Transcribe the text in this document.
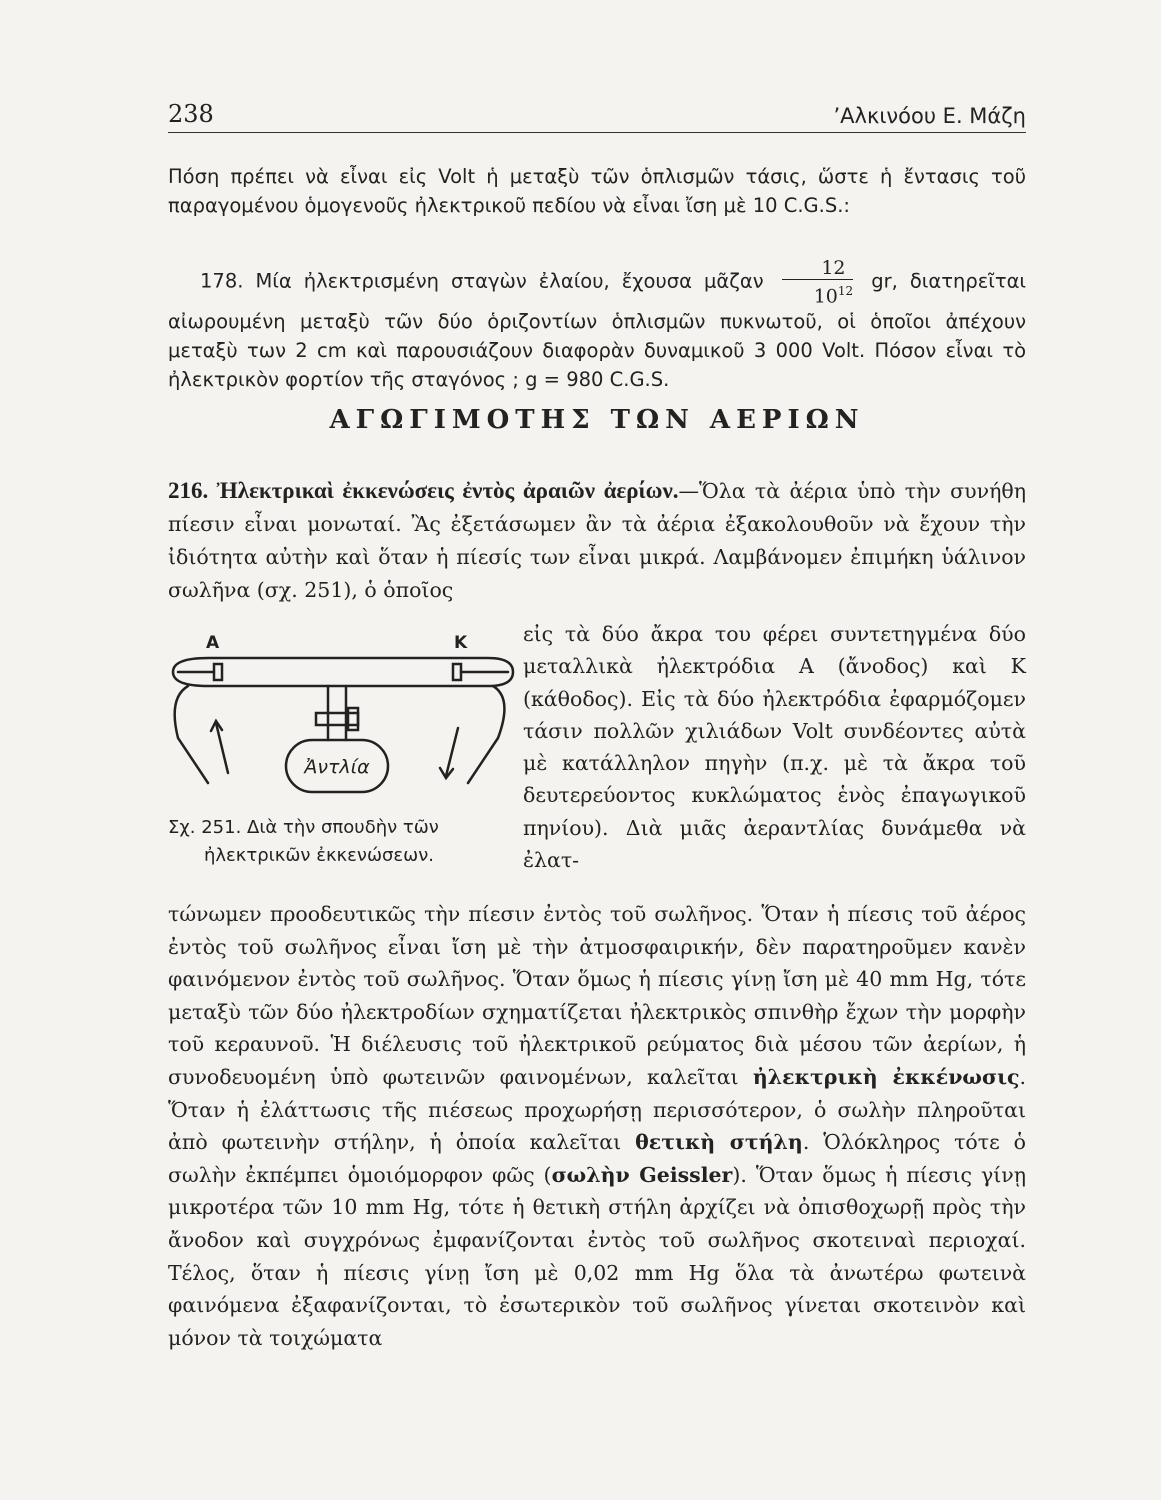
238	’Αλκινόου Ε. Μάζη

Πόση πρέπει νὰ εἶναι εἰς Volt ἡ μεταξὺ τῶν ὁπλισμῶν τάσις, ὥστε ἡ ἔντασις τοῦ παραγομένου ὁμογενοῦς ἠλεκτρικοῦ πεδίου νὰ εἶναι ἴση μὲ 10 C.G.S.:

178. Μία ἠλεκτρισμένη σταγὼν ἐλαίου, ἔχουσα μᾶζαν $\frac{12}{10^{12}}$ gr, διατηρεῖται αἰωρουμένη μεταξὺ τῶν δύο ὁριζοντίων ὁπλισμῶν πυκνωτοῦ, οἱ ὁποῖοι ἀπέχουν μεταξὺ των 2 cm καὶ παρουσιάζουν διαφορὰν δυναμικοῦ 3 000 Volt. Πόσον εἶναι τὸ ἠλεκτρικὸν φορτίον τῆς σταγόνος ; g = 980 C.G.S.

ΑΓΩΓΙΜΟΤΗΣ ΤΩΝ ΑΕΡΙΩΝ

216. Ἠλεκτρικαὶ ἐκκενώσεις ἐντὸς ἀραιῶν ἀερίων.—Ὅλα τὰ ἀέρια ὑπὸ τὴν συνήθη πίεσιν εἶναι μονωταί. Ἂς ἐξετάσωμεν ἂν τὰ ἀέρια ἐξακολουθοῦν νὰ ἔχουν τὴν ἰδιότητα αὐτὴν καὶ ὅταν ἡ πίεσίς των εἶναι μικρά. Λαμβάνομεν ἐπιμήκη ὑάλινον σωλῆνα (σχ. 251), ὁ ὁποῖος

A	K
Ἀντλία

Σχ. 251. Διὰ τὴν σπουδὴν τῶν
ἠλεκτρικῶν ἐκκενώσεων.

εἰς τὰ δύο ἄκρα του φέρει συντετηγμένα δύο μεταλλικὰ ἠλεκτρόδια Α (ἄνοδος) καὶ Κ (κάθοδος). Εἰς τὰ δύο ἠλεκτρόδια ἐφαρμόζομεν τάσιν πολλῶν χιλιάδων Volt συνδέοντες αὐτὰ μὲ κατάλληλον πηγὴν (π.χ. μὲ τὰ ἄκρα τοῦ δευτερεύοντος κυκλώματος ἑνὸς ἐπαγωγικοῦ πηνίου). Διὰ μιᾶς ἀεραντλίας δυνάμεθα νὰ ἐλατ-

τώνωμεν προοδευτικῶς τὴν πίεσιν ἐντὸς τοῦ σωλῆνος. Ὅταν ἡ πίεσις τοῦ ἀέρος ἐντὸς τοῦ σωλῆνος εἶναι ἴση μὲ τὴν ἀτμοσφαιρικήν, δὲν παρατηροῦμεν κανὲν φαινόμενον ἐντὸς τοῦ σωλῆνος. Ὅταν ὅμως ἡ πίεσις γίνῃ ἴση μὲ 40 mm Hg, τότε μεταξὺ τῶν δύο ἠλεκτροδίων σχηματίζεται ἠλεκτρικὸς σπινθὴρ ἔχων τὴν μορφὴν τοῦ κεραυνοῦ. Ἡ διέλευσις τοῦ ἠλεκτρικοῦ ρεύματος διὰ μέσου τῶν ἀερίων, ἡ συνοδευομένη ὑπὸ φωτεινῶν φαινομένων, καλεῖται ἠλεκτρικὴ ἐκκένωσις. Ὅταν ἡ ἐλάττωσις τῆς πιέσεως προχωρήσῃ περισσότερον, ὁ σωλὴν πληροῦται ἀπὸ φωτεινὴν στήλην, ἡ ὁποία καλεῖται θετικὴ στήλη. Ὁλόκληρος τότε ὁ σωλὴν ἐκπέμπει ὁμοιόμορφον φῶς (σωλὴν Geissler). Ὅταν ὅμως ἡ πίεσις γίνῃ μικροτέρα τῶν 10 mm Hg, τότε ἡ θετικὴ στήλη ἀρχίζει νὰ ὀπισθοχωρῇ πρὸς τὴν ἄνοδον καὶ συγχρόνως ἐμφανίζονται ἐντὸς τοῦ σωλῆνος σκοτειναὶ περιοχαί. Τέλος, ὅταν ἡ πίεσις γίνῃ ἴση μὲ 0,02 mm Hg ὅλα τὰ ἀνωτέρω φωτεινὰ φαινόμενα ἐξαφανίζονται, τὸ ἐσωτερικὸν τοῦ σωλῆνος γίνεται σκοτεινὸν καὶ μόνον τὰ τοιχώματα
